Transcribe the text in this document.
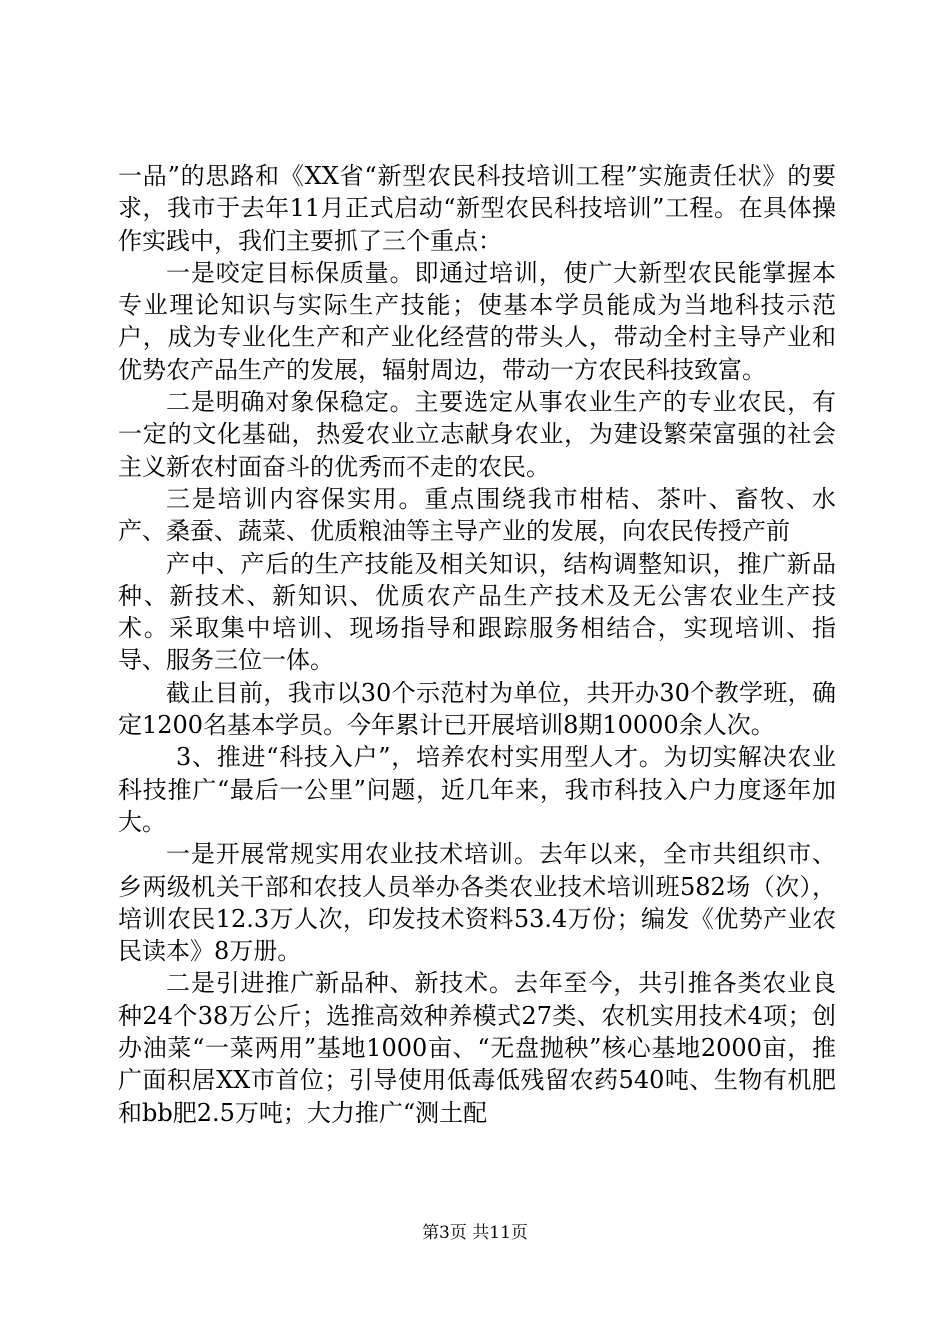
一品”的思路和《XX省“新型农民科技培训工程”实施责任状》的要求，我市于去年11月正式启动“新型农民科技培训”工程。在具体操作实践中，我们主要抓了三个重点：

一是咬定目标保质量。即通过培训，使广大新型农民能掌握本专业理论知识与实际生产技能；使基本学员能成为当地科技示范户，成为专业化生产和产业化经营的带头人，带动全村主导产业和优势农产品生产的发展，辐射周边，带动一方农民科技致富。

二是明确对象保稳定。主要选定从事农业生产的专业农民，有一定的文化基础，热爱农业立志献身农业，为建设繁荣富强的社会主义新农村面奋斗的优秀而不走的农民。

三是培训内容保实用。重点围绕我市柑桔、茶叶、畜牧、水产、桑蚕、蔬菜、优质粮油等主导产业的发展，向农民传授产前

产中、产后的生产技能及相关知识，结构调整知识，推广新品种、新技术、新知识、优质农产品生产技术及无公害农业生产技术。采取集中培训、现场指导和跟踪服务相结合，实现培训、指导、服务三位一体。

截止目前，我市以30个示范村为单位，共开办30个教学班，确定1200名基本学员。今年累计已开展培训8期10000余人次。

3、推进“科技入户”，培养农村实用型人才。为切实解决农业科技推广“最后一公里”问题，近几年来，我市科技入户力度逐年加大。

一是开展常规实用农业技术培训。去年以来，全市共组织市、乡两级机关干部和农技人员举办各类农业技术培训班582场（次），培训农民12.3万人次，印发技术资料53.4万份；编发《优势产业农民读本》8万册。

二是引进推广新品种、新技术。去年至今，共引推各类农业良种24个38万公斤；选推高效种养模式27类、农机实用技术4项；创办油菜“一菜两用”基地1000亩、“无盘抛秧”核心基地2000亩，推广面积居XX市首位；引导使用低毒低残留农药540吨、生物有机肥和bb肥2.5万吨；大力推广“测土配

第3页 共11页
